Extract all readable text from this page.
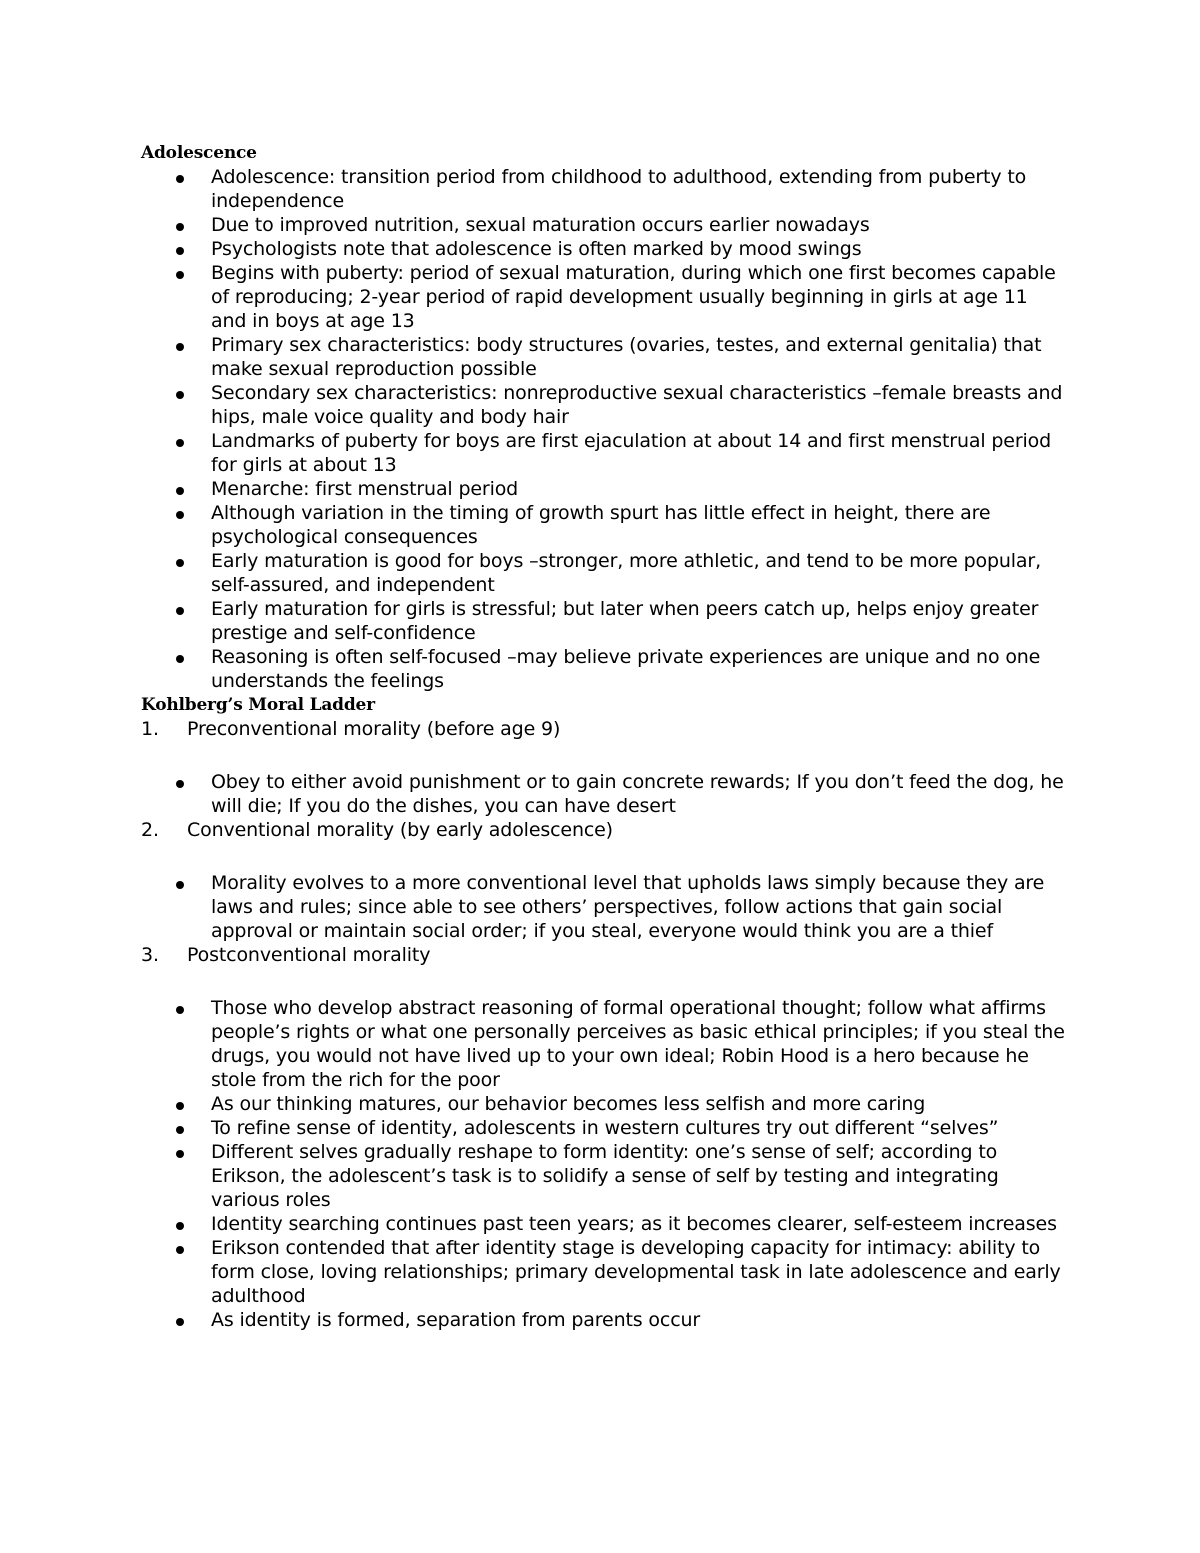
Adolescence
Adolescence: transition period from childhood to adulthood, extending from puberty to independence
Due to improved nutrition, sexual maturation occurs earlier nowadays
Psychologists note that adolescence is often marked by mood swings
Begins with puberty: period of sexual maturation, during which one first becomes capable of reproducing; 2-year period of rapid development usually beginning in girls at age 11 and in boys at age 13
Primary sex characteristics: body structures (ovaries, testes, and external genitalia) that make sexual reproduction possible
Secondary sex characteristics: nonreproductive sexual characteristics –female breasts and hips, male voice quality and body hair
Landmarks of puberty for boys are first ejaculation at about 14 and first menstrual period for girls at about 13
Menarche: first menstrual period
Although variation in the timing of growth spurt has little effect in height, there are psychological consequences
Early maturation is good for boys –stronger, more athletic, and tend to be more popular, self-assured, and independent
Early maturation for girls is stressful; but later when peers catch up, helps enjoy greater prestige and self-confidence
Reasoning is often self-focused –may believe private experiences are unique and no one understands the feelings
Kohlberg’s Moral Ladder
1. Preconventional morality (before age 9)
Obey to either avoid punishment or to gain concrete rewards; If you don’t feed the dog, he will die; If you do the dishes, you can have desert
2. Conventional morality (by early adolescence)
Morality evolves to a more conventional level that upholds laws simply because they are laws and rules; since able to see others’ perspectives, follow actions that gain social approval or maintain social order; if you steal, everyone would think you are a thief
3. Postconventional morality
Those who develop abstract reasoning of formal operational thought; follow what affirms people’s rights or what one personally perceives as basic ethical principles; if you steal the drugs, you would not have lived up to your own ideal; Robin Hood is a hero because he stole from the rich for the poor
As our thinking matures, our behavior becomes less selfish and more caring
To refine sense of identity, adolescents in western cultures try out different “selves”
Different selves gradually reshape to form identity: one’s sense of self; according to Erikson, the adolescent’s task is to solidify a sense of self by testing and integrating various roles
Identity searching continues past teen years; as it becomes clearer, self-esteem increases
Erikson contended that after identity stage is developing capacity for intimacy: ability to form close, loving relationships; primary developmental task in late adolescence and early adulthood
As identity is formed, separation from parents occur
